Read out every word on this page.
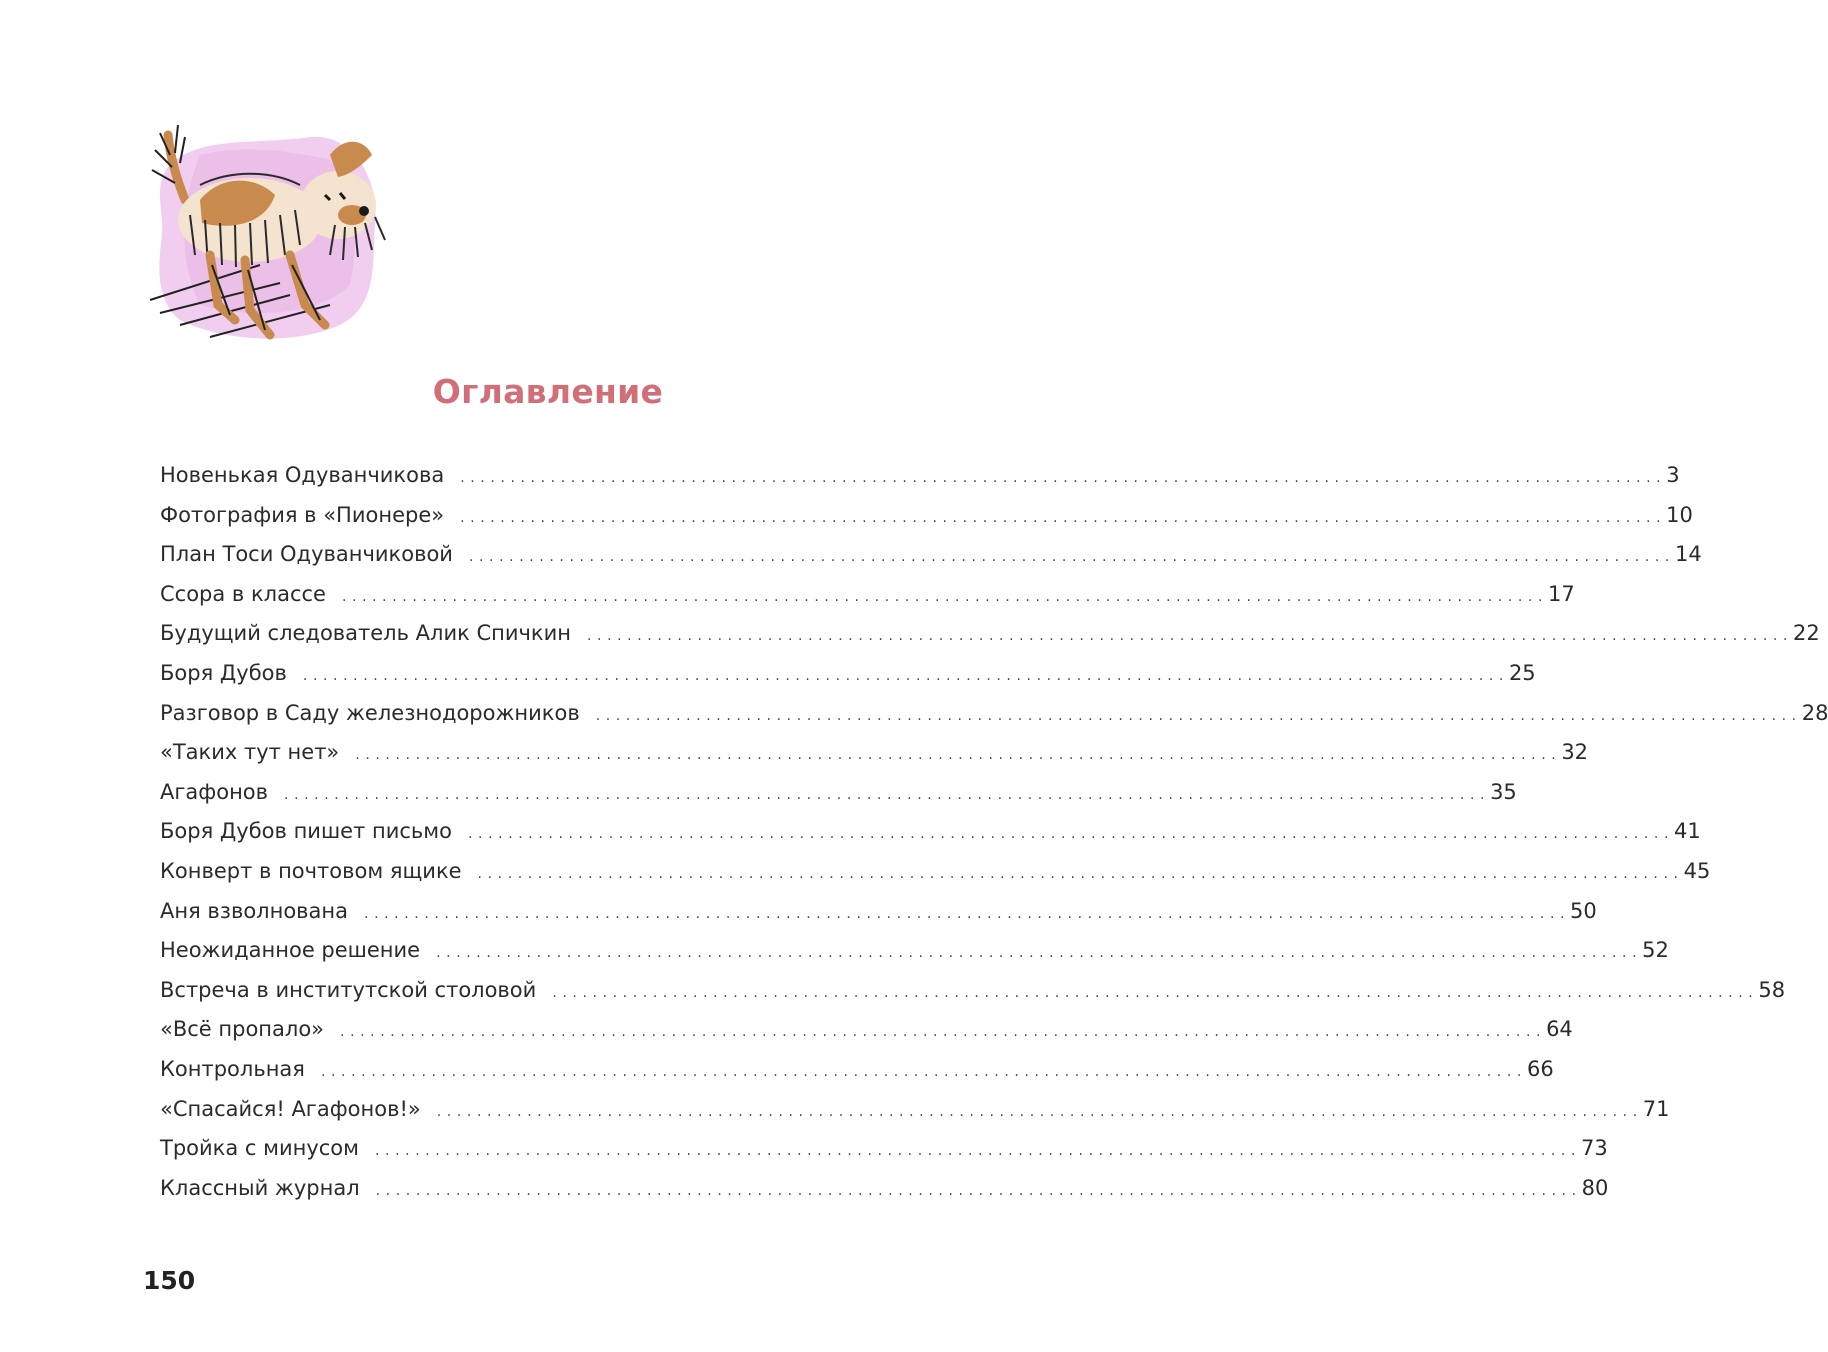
Оглавление
Новенькая Одуванчикова	........................................................................................................................ 3
Фотография в «Пионере»	........................................................................................................................ 10
План Тоси Одуванчиковой	........................................................................................................................ 14
Ссора в классе	........................................................................................................................ 17
Будущий следователь Алик Спичкин	........................................................................................................................ 22
Боря Дубов	........................................................................................................................ 25
Разговор в Саду железнодорожников	........................................................................................................................ 28
«Таких тут нет»	........................................................................................................................ 32
Агафонов	........................................................................................................................ 35
Боря Дубов пишет письмо	........................................................................................................................ 41
Конверт в почтовом ящике	........................................................................................................................ 45
Аня взволнована	........................................................................................................................ 50
Неожиданное решение	........................................................................................................................ 52
Встреча в институтской столовой	........................................................................................................................ 58
«Всё пропало»	........................................................................................................................ 64
Контрольная	........................................................................................................................ 66
«Спасайся! Агафонов!»	........................................................................................................................ 71
Тройка с минусом	........................................................................................................................ 73
Классный журнал	........................................................................................................................ 80
150
